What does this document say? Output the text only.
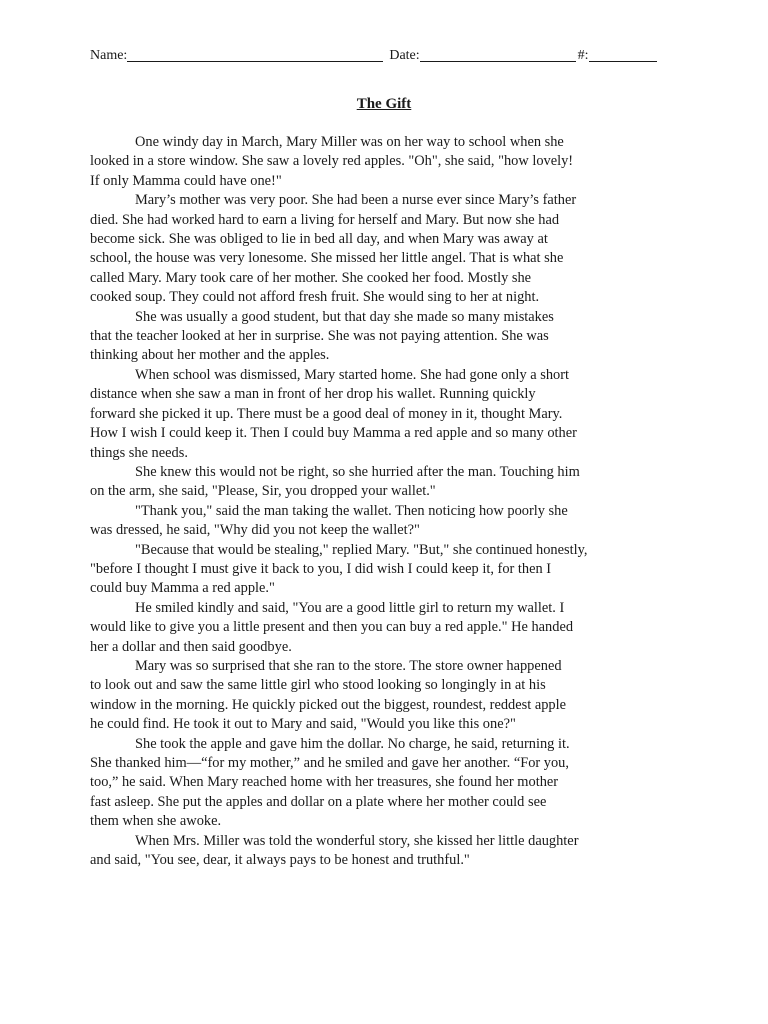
Name:	Date:	#:
The Gift

One windy day in March, Mary Miller was on her way to school when she
looked in a store window. She saw a lovely red apples. "Oh", she said, "how lovely!
If only Mamma could have one!"

Mary’s mother was very poor. She had been a nurse ever since Mary’s father
died. She had worked hard to earn a living for herself and Mary. But now she had
become sick. She was obliged to lie in bed all day, and when Mary was away at
school, the house was very lonesome. She missed her little angel. That is what she
called Mary. Mary took care of her mother. She cooked her food. Mostly she
cooked soup. They could not afford fresh fruit. She would sing to her at night.

She was usually a good student, but that day she made so many mistakes
that the teacher looked at her in surprise. She was not paying attention. She was
thinking about her mother and the apples.

When school was dismissed, Mary started home. She had gone only a short
distance when she saw a man in front of her drop his wallet. Running quickly
forward she picked it up. There must be a good deal of money in it, thought Mary.
How I wish I could keep it. Then I could buy Mamma a red apple and so many other
things she needs.

She knew this would not be right, so she hurried after the man. Touching him
on the arm, she said, "Please, Sir, you dropped your wallet."

"Thank you," said the man taking the wallet. Then noticing how poorly she
was dressed, he said, "Why did you not keep the wallet?"

"Because that would be stealing," replied Mary. "But," she continued honestly,
"before I thought I must give it back to you, I did wish I could keep it, for then I
could buy Mamma a red apple."

He smiled kindly and said, "You are a good little girl to return my wallet. I
would like to give you a little present and then you can buy a red apple." He handed
her a dollar and then said goodbye.

Mary was so surprised that she ran to the store. The store owner happened
to look out and saw the same little girl who stood looking so longingly in at his
window in the morning. He quickly picked out the biggest, roundest, reddest apple
he could find. He took it out to Mary and said, "Would you like this one?"

She took the apple and gave him the dollar. No charge, he said, returning it.
She thanked him—“for my mother,” and he smiled and gave her another. “For you,
too,” he said. When Mary reached home with her treasures, she found her mother
fast asleep. She put the apples and dollar on a plate where her mother could see
them when she awoke.

When Mrs. Miller was told the wonderful story, she kissed her little daughter
and said, "You see, dear, it always pays to be honest and truthful."
